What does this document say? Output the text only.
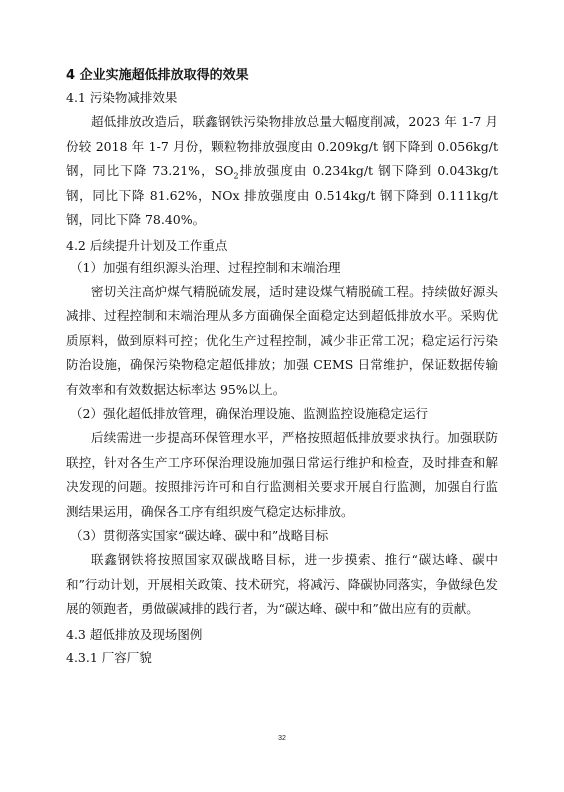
4 企业实施超低排放取得的效果
4.1 污染物减排效果
超低排放改造后，联鑫钢铁污染物排放总量大幅度削减，2023 年 1-7 月份较 2018 年 1-7 月份，颗粒物排放强度由 0.209kg/t 钢下降到 0.056kg/t 钢，同比下降 73.21%，$SO_2$排放强度由 0.234kg/t 钢下降到 0.043kg/t 钢，同比下降 81.62%，NOx 排放强度由 0.514kg/t 钢下降到 0.111kg/t 钢，同比下降 78.40%。
4.2 后续提升计划及工作重点
（1）加强有组织源头治理、过程控制和末端治理
密切关注高炉煤气精脱硫发展，适时建设煤气精脱硫工程。持续做好源头减排、过程控制和末端治理从多方面确保全面稳定达到超低排放水平。采购优质原料，做到原料可控；优化生产过程控制，减少非正常工况；稳定运行污染防治设施，确保污染物稳定超低排放；加强 CEMS 日常维护，保证数据传输有效率和有效数据达标率达 95%以上。
（2）强化超低排放管理，确保治理设施、监测监控设施稳定运行
后续需进一步提高环保管理水平，严格按照超低排放要求执行。加强联防联控，针对各生产工序环保治理设施加强日常运行维护和检查，及时排查和解决发现的问题。按照排污许可和自行监测相关要求开展自行监测，加强自行监测结果运用，确保各工序有组织废气稳定达标排放。
（3）贯彻落实国家“碳达峰、碳中和”战略目标
联鑫钢铁将按照国家双碳战略目标，进一步摸索、推行“碳达峰、碳中和”行动计划，开展相关政策、技术研究，将减污、降碳协同落实，争做绿色发展的领跑者，勇做碳减排的践行者，为“碳达峰、碳中和”做出应有的贡献。
4.3 超低排放及现场图例
4.3.1 厂容厂貌
32
